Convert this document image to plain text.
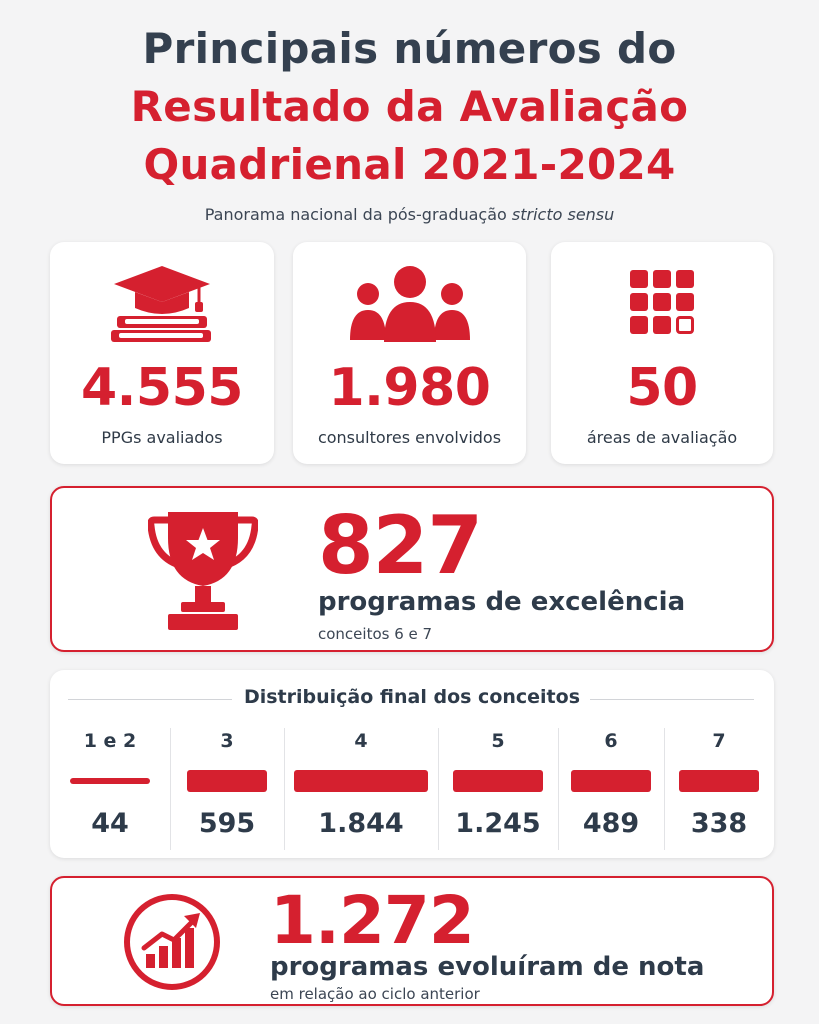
Principais números do
Resultado da Avaliação
Quadrienal 2021-2024
Panorama nacional da pós-graduação stricto sensu
4.555
PPGs avaliados
1.980
consultores envolvidos
50
áreas de avaliação
827
programas de excelência
conceitos 6 e 7
Distribuição final dos conceitos
1 e 2
44
3
595
4
1.844
5
1.245
6
489
7
338
1.272
programas evoluíram de nota
em relação ao ciclo anterior
